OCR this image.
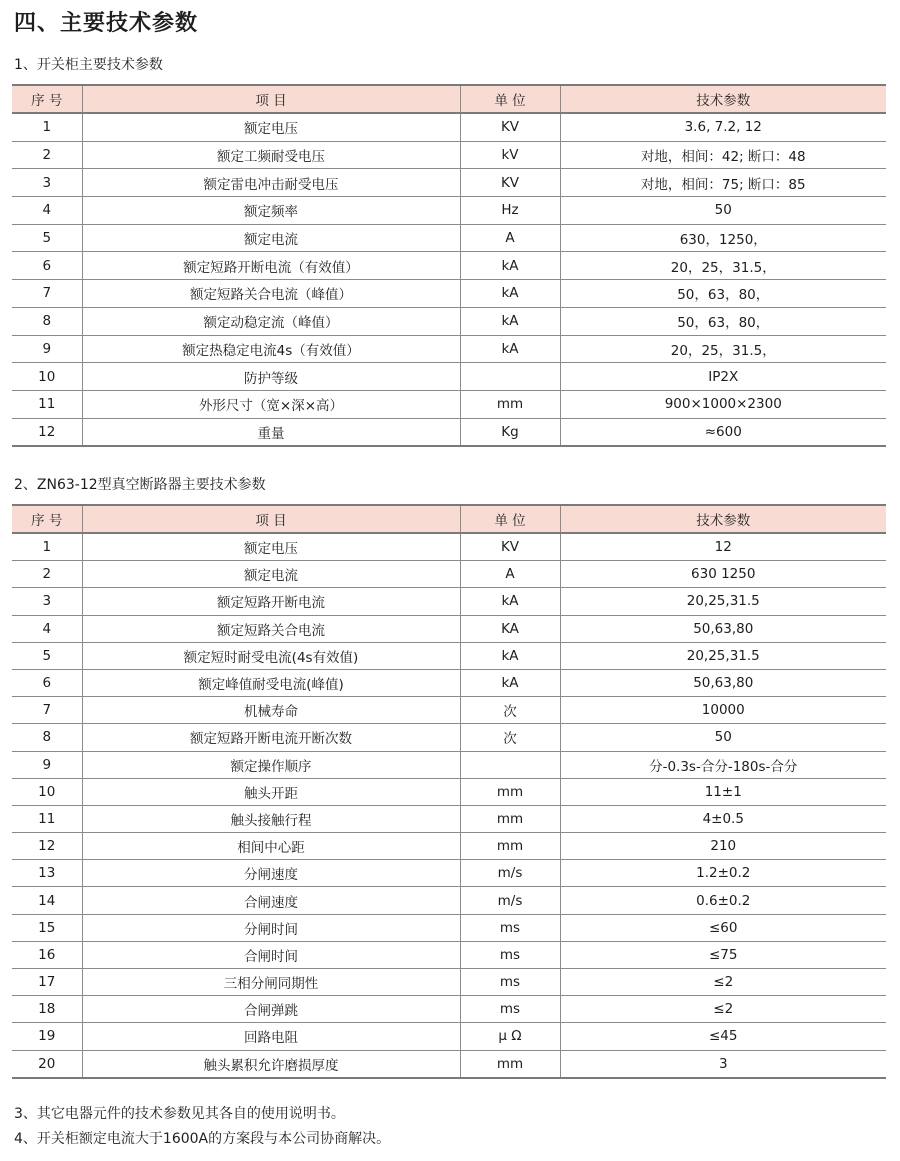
四、主要技术参数
1、开关柜主要技术参数
序 号	项 目	单 位	技术参数
1	额定电压	KV	3.6, 7.2, 12
2	额定工频耐受电压	kV	对地，相间：42; 断口：48
3	额定雷电冲击耐受电压	KV	对地，相间：75; 断口：85
4	额定频率	Hz	50
5	额定电流	A	630，1250，
6	额定短路开断电流（有效值）	kA	20，25，31.5，
7	额定短路关合电流（峰值）	kA	50，63，80，
8	额定动稳定流（峰值）	kA	50，63，80，
9	额定热稳定电流4s（有效值）	kA	20，25，31.5，
10	防护等级		IP2X
11	外形尺寸（宽×深×高）	mm	900×1000×2300
12	重量	Kg	≈600
2、ZN63-12型真空断路器主要技术参数
序 号	项 目	单 位	技术参数
1	额定电压	KV	12
2	额定电流	A	630 1250
3	额定短路开断电流	kA	20,25,31.5
4	额定短路关合电流	KA	50,63,80
5	额定短时耐受电流(4s有效值)	kA	20,25,31.5
6	额定峰值耐受电流(峰值)	kA	50,63,80
7	机械寿命	次	10000
8	额定短路开断电流开断次数	次	50
9	额定操作顺序		分-0.3s-合分-180s-合分
10	触头开距	mm	11±1
11	触头接触行程	mm	4±0.5
12	相间中心距	mm	210
13	分闸速度	m/s	1.2±0.2
14	合闸速度	m/s	0.6±0.2
15	分闸时间	ms	≤60
16	合闸时间	ms	≤75
17	三相分闸同期性	ms	≤2
18	合闸弹跳	ms	≤2
19	回路电阻	μ Ω	≤45
20	触头累积允许磨损厚度	mm	3
3、其它电器元件的技术参数见其各自的使用说明书。
4、开关柜额定电流大于1600A的方案段与本公司协商解决。
